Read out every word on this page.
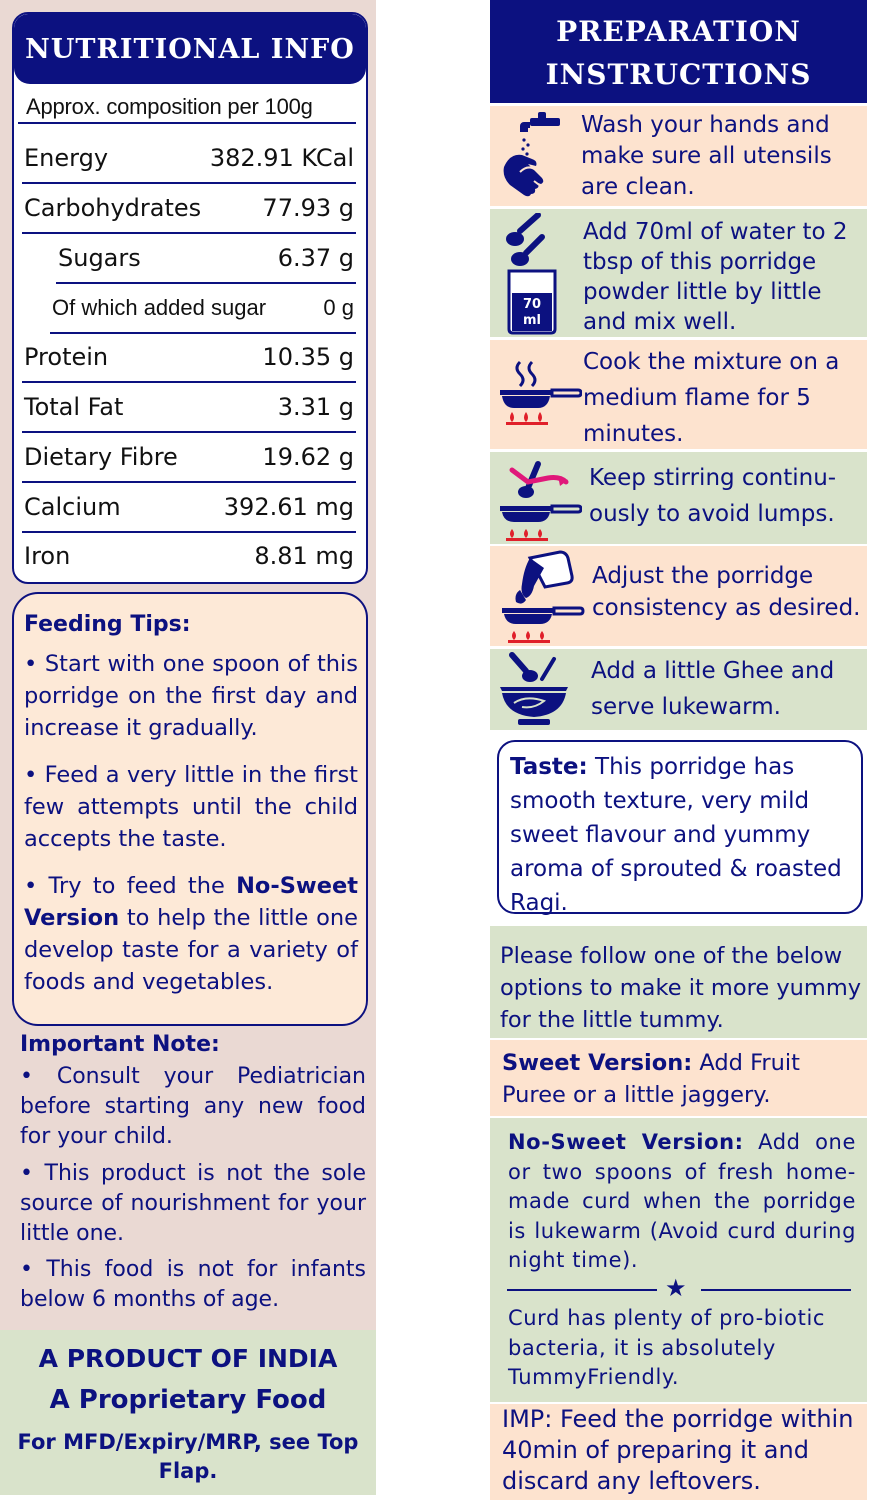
NUTRITIONAL INFO
Approx. composition per 100g
Energy	382.91 KCal
Carbohydrates	77.93 g
Sugars	6.37 g
Of which added sugar	0 g
Protein	10.35 g
Total Fat	3.31 g
Dietary Fibre	19.62 g
Calcium	392.61 mg
Iron	8.81 mg
Feeding Tips:
• Start with one spoon of this porridge on the first day and increase it gradually.
• Feed a very little in the first few attempts until the child accepts the taste.
• Try to feed the No-Sweet Version to help the little one develop taste for a variety of foods and vegetables.
Important Note:
• Consult your Pediatrician before starting any new food for your child.
• This product is not the sole source of nourishment for your little one.
• This food is not for infants below 6 months of age.
A PRODUCT OF INDIA
A Proprietary Food
For MFD/Expiry/MRP, see Top Flap.
PREPARATION
INSTRUCTIONS
Wash your hands and make sure all utensils are clean.
70
ml
Add 70ml of water to 2 tbsp of this porridge powder little by little and mix well.
Cook the mixture on a medium flame for 5 minutes.
Keep stirring continu-ously to avoid lumps.
Adjust the porridge consistency as desired.
Add a little Ghee and serve lukewarm.
Taste: This porridge has smooth texture, very mild sweet flavour and yummy aroma of sprouted & roasted Ragi.
Please follow one of the below options to make it more yummy for the little tummy.
Sweet Version: Add Fruit Puree or a little jaggery.
No-Sweet Version: Add one or two spoons of fresh home-made curd when the porridge is lukewarm (Avoid curd during night time).
Curd has plenty of pro-biotic bacteria, it is absolutely TummyFriendly.
★
IMP: Feed the porridge within 40min of preparing it and discard any leftovers.
